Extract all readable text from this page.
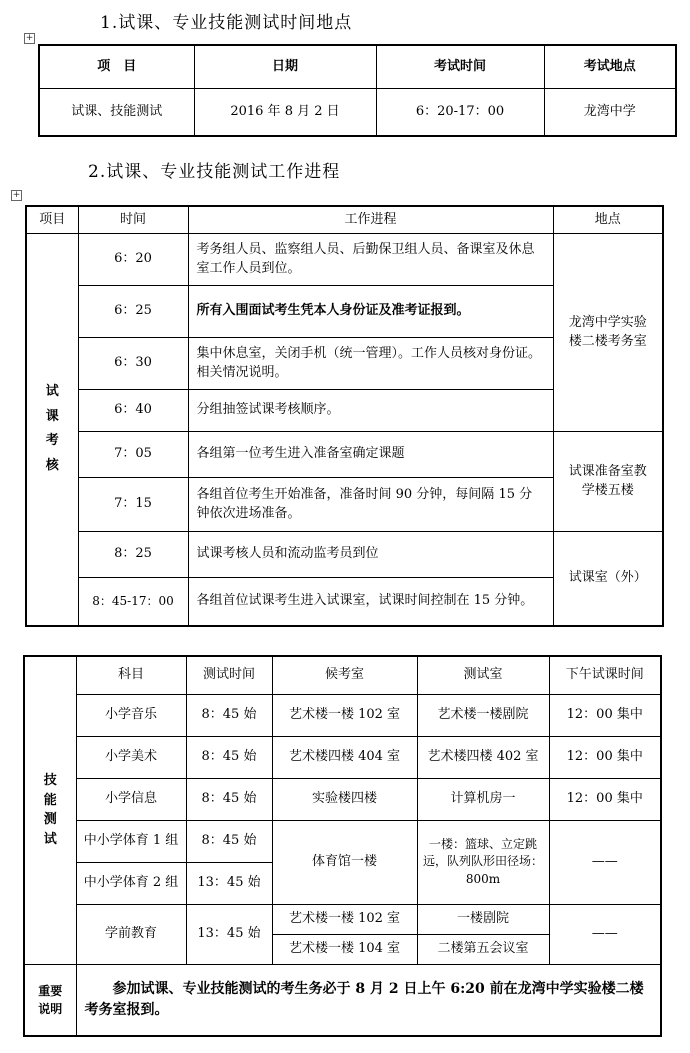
1.试课、专业技能测试时间地点
+
项　目	日期	考试时间	考试地点
试课、技能测试	2016 年 8 月 2 日	6：20-17：00	龙湾中学
2.试课、专业技能测试工作进程
+
项目	时间	工作进程	地点

试课考核	6：20	考务组人员、监察组人员、后勤保卫组人员、备课室及休息室工作人员到位。	龙湾中学实验楼二楼考务室

	6：25	所有入围面试考生凭本人身份证及准考证报到。	
	6：30	集中休息室，关闭手机（统一管理）。工作人员核对身份证。相关情况说明。	
	6：40	分组抽签试课考核顺序。	
	7：05	各组第一位考生进入准备室确定课题	试课准备室教学楼五楼

	7：15	各组首位考生开始准备，准备时间 90 分钟，每间隔 15 分钟依次进场准备。	
	8：25	试课考核人员和流动监考员到位	试课室（外）
	8：45-17：00	各组首位试课考生进入试课室，试课时间控制在 15 分钟。	
技能测试	科目	测试时间	候考室	测试室	下午试课时间
	小学音乐	8：45 始	艺术楼一楼 102 室	艺术楼一楼剧院	12：00 集中
	小学美术	8：45 始	艺术楼四楼 404 室	艺术楼四楼 402 室	12：00 集中
	小学信息	8：45 始	实验楼四楼	计算机房一	12：00 集中
	中小学体育 1 组	8：45 始	体育馆一楼	一楼：篮球、立定跳远，队列队形田径场：800m	——
	中小学体育 2 组	13：45 始			
	学前教育	13：45 始	艺术楼一楼 102 室	一楼剧院	——
			艺术楼一楼 104 室	二楼第五会议室	

重要说明	参加试课、专业技能测试的考生务必于 8 月 2 日上午 6:20 前在龙湾中学实验楼二楼考务室报到。				
